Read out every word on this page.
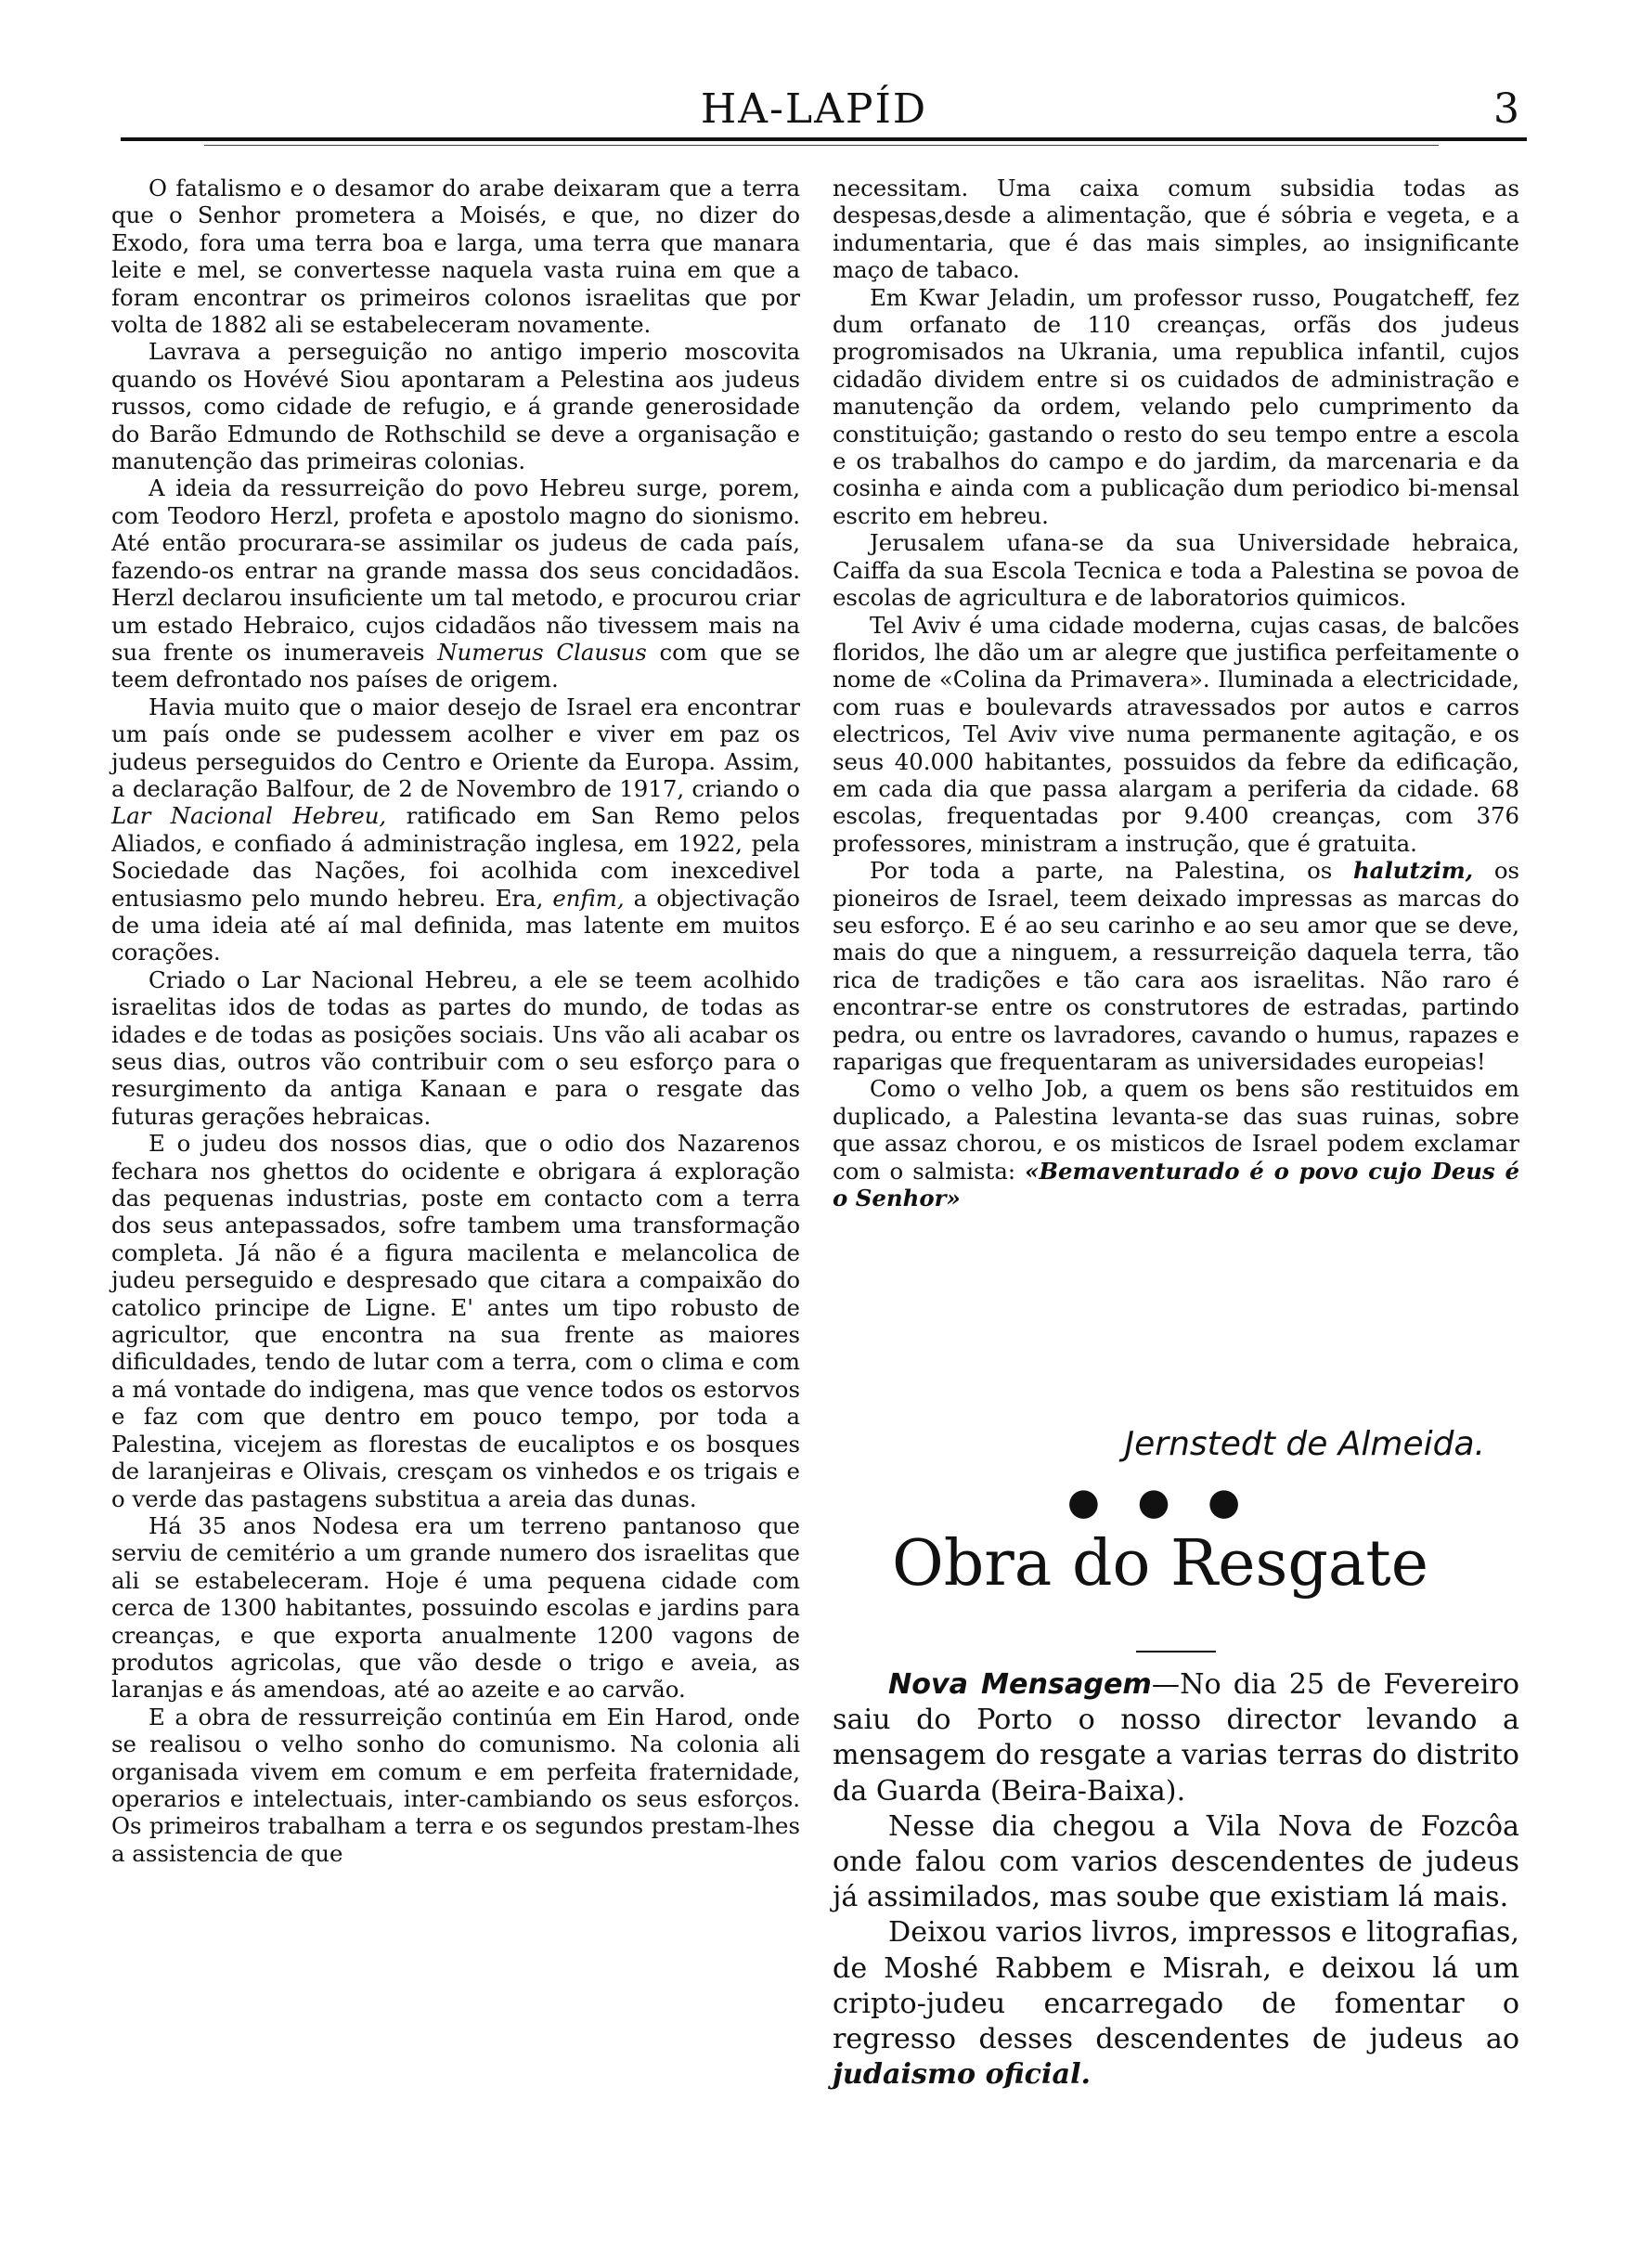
HA-LAPÍD	3

O fatalismo e o desamor do arabe deixaram que a terra que o Senhor prometera a Moisés, e que, no dizer do Exodo, fora uma terra boa e larga, uma terra que manara leite e mel, se convertesse naquela vasta ruina em que a foram encontrar os primeiros colonos israelitas que por volta de 1882 ali se estabeleceram novamente.

Lavrava a perseguição no antigo imperio moscovita quando os Hovévé Siou apontaram a Pelestina aos judeus russos, como cidade de refugio, e á grande generosidade do Barão Edmundo de Rothschild se deve a organisação e manutenção das primeiras colonias.

A ideia da ressurreição do povo Hebreu surge, porem, com Teodoro Herzl, profeta e apostolo magno do sionismo. Até então procurara-se assimilar os judeus de cada país, fazendo-os entrar na grande massa dos seus concidadãos. Herzl declarou insuficiente um tal metodo, e procurou criar um estado Hebraico, cujos cidadãos não tivessem mais na sua frente os inumeraveis Numerus Clausus com que se teem defrontado nos países de origem.

Havia muito que o maior desejo de Israel era encontrar um país onde se pudessem acolher e viver em paz os judeus perseguidos do Centro e Oriente da Europa. Assim, a declaração Balfour, de 2 de Novembro de 1917, criando o Lar Nacional Hebreu, ratificado em San Remo pelos Aliados, e confiado á administração inglesa, em 1922, pela Sociedade das Nações, foi acolhida com inexcedivel entusiasmo pelo mundo hebreu. Era, enfim, a objectivação de uma ideia até aí mal definida, mas latente em muitos corações.

Criado o Lar Nacional Hebreu, a ele se teem acolhido israelitas idos de todas as partes do mundo, de todas as idades e de todas as posições sociais. Uns vão ali acabar os seus dias, outros vão contribuir com o seu esforço para o resurgimento da antiga Kanaan e para o resgate das futuras gerações hebraicas.

E o judeu dos nossos dias, que o odio dos Nazarenos fechara nos ghettos do ocidente e obrigara á exploração das pequenas industrias, poste em contacto com a terra dos seus antepassados, sofre tambem uma transformação completa. Já não é a figura macilenta e melancolica de judeu perseguido e despresado que citara a compaixão do catolico principe de Ligne. E' antes um tipo robusto de agricultor, que encontra na sua frente as maiores dificuldades, tendo de lutar com a terra, com o clima e com a má vontade do indigena, mas que vence todos os estorvos e faz com que dentro em pouco tempo, por toda a Palestina, vicejem as florestas de eucaliptos e os bosques de laranjeiras e Olivais, cresçam os vinhedos e os trigais e o verde das pastagens substitua a areia das dunas.

Há 35 anos Nodesa era um terreno pantanoso que serviu de cemitério a um grande numero dos israelitas que ali se estabeleceram. Hoje é uma pequena cidade com cerca de 1300 habitantes, possuindo escolas e jardins para creanças, e que exporta anualmente 1200 vagons de produtos agricolas, que vão desde o trigo e aveia, as laranjas e ás amendoas, até ao azeite e ao carvão.

E a obra de ressurreição continúa em Ein Harod, onde se realisou o velho sonho do comunismo. Na colonia ali organisada vivem em comum e em perfeita fraternidade, operarios e intelectuais, inter-cambiando os seus esforços. Os primeiros trabalham a terra e os segundos prestam-lhes a assistencia de que

necessitam. Uma caixa comum subsidia todas as despesas,desde a alimentação, que é sóbria e vegeta, e a indumentaria, que é das mais simples, ao insignificante maço de tabaco.

Em Kwar Jeladin, um professor russo, Pougatcheff, fez dum orfanato de 110 creanças, orfãs dos judeus progromisados na Ukrania, uma republica infantil, cujos cidadão dividem entre si os cuidados de administração e manutenção da ordem, velando pelo cumprimento da constituição; gastando o resto do seu tempo entre a escola e os trabalhos do campo e do jardim, da marcenaria e da cosinha e ainda com a publicação dum periodico bi-mensal escrito em hebreu.

Jerusalem ufana-se da sua Universidade hebraica, Caiffa da sua Escola Tecnica e toda a Palestina se povoa de escolas de agricultura e de laboratorios quimicos.

Tel Aviv é uma cidade moderna, cujas casas, de balcões floridos, lhe dão um ar alegre que justifica perfeitamente o nome de «Colina da Primavera». Iluminada a electricidade, com ruas e boulevards atravessados por autos e carros electricos, Tel Aviv vive numa permanente agitação, e os seus 40.000 habitantes, possuidos da febre da edificação, em cada dia que passa alargam a periferia da cidade. 68 escolas, frequentadas por 9.400 creanças, com 376 professores, ministram a instrução, que é gratuita.

Por toda a parte, na Palestina, os halutzim, os pioneiros de Israel, teem deixado impressas as marcas do seu esforço. E é ao seu carinho e ao seu amor que se deve, mais do que a ninguem, a ressurreição daquela terra, tão rica de tradições e tão cara aos israelitas. Não raro é encontrar-se entre os construtores de estradas, partindo pedra, ou entre os lavradores, cavando o humus, rapazes e raparigas que frequentaram as universidades europeias!

Como o velho Job, a quem os bens são restituidos em duplicado, a Palestina levanta-se das suas ruinas, sobre que assaz chorou, e os misticos de Israel podem exclamar com o salmista: «Bemaventurado é o povo cujo Deus é o Senhor»

Jernstedt de Almeida.
● ● ●
Obra do Resgate

Nova Mensagem—No dia 25 de Fevereiro saiu do Porto o nosso director levando a mensagem do resgate a varias terras do distrito da Guarda (Beira-Baixa).

Nesse dia chegou a Vila Nova de Fozcôa onde falou com varios descendentes de judeus já assimilados, mas soube que existiam lá mais.

Deixou varios livros, impressos e litografias, de Moshé Rabbem e Misrah, e deixou lá um cripto-judeu encarregado de fomentar o regresso desses descendentes de judeus ao judaismo oficial.
